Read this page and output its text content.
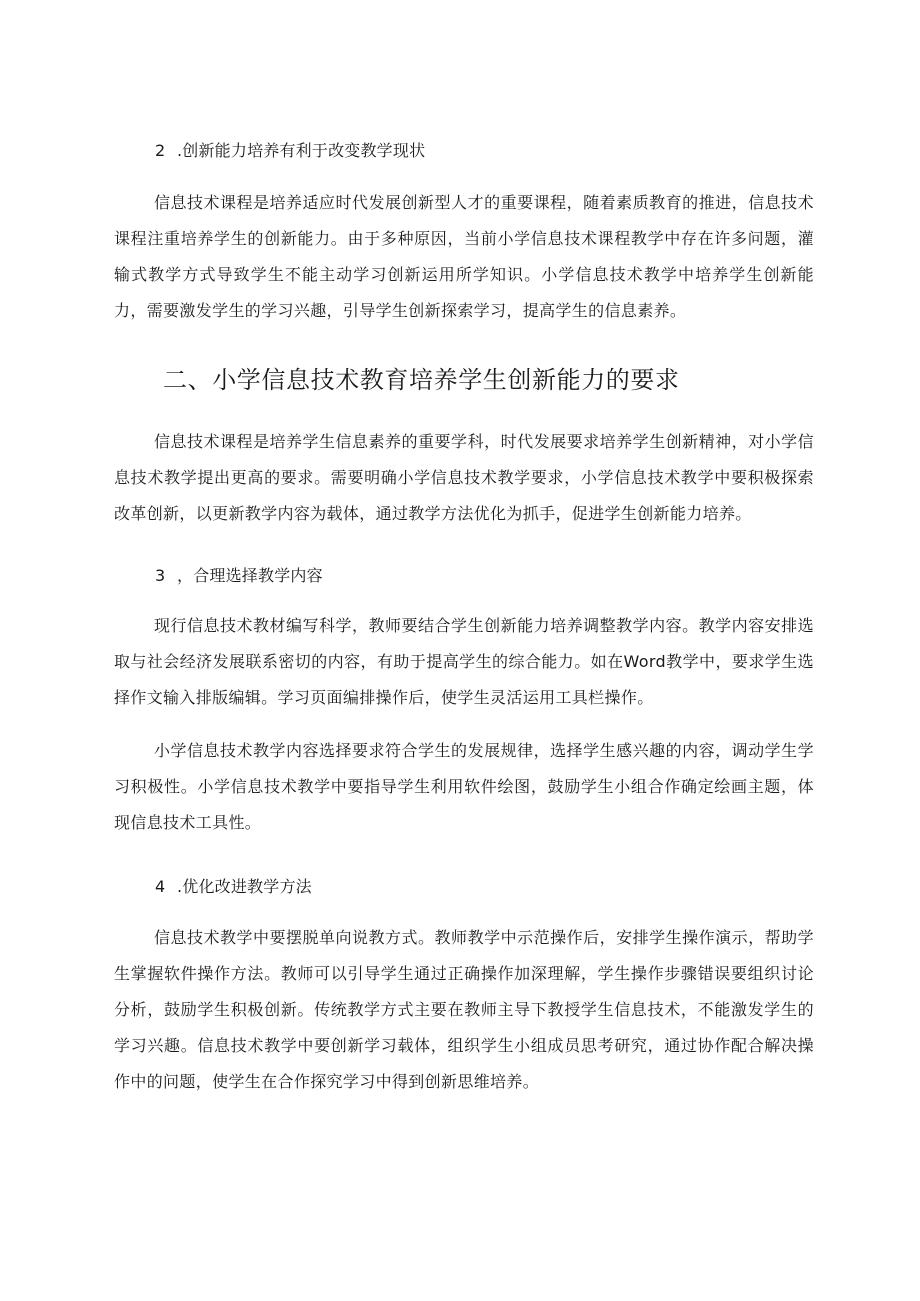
2 .创新能力培养有利于改变教学现状

信息技术课程是培养适应时代发展创新型人才的重要课程，随着素质教育的推进，信息技术课程注重培养学生的创新能力。由于多种原因，当前小学信息技术课程教学中存在许多问题，灌输式教学方式导致学生不能主动学习创新运用所学知识。小学信息技术教学中培养学生创新能力，需要激发学生的学习兴趣，引导学生创新探索学习，提高学生的信息素养。

二、小学信息技术教育培养学生创新能力的要求

信息技术课程是培养学生信息素养的重要学科，时代发展要求培养学生创新精神，对小学信息技术教学提出更高的要求。需要明确小学信息技术教学要求，小学信息技术教学中要积极探索改革创新，以更新教学内容为载体，通过教学方法优化为抓手，促进学生创新能力培养。

3 ，合理选择教学内容

现行信息技术教材编写科学，教师要结合学生创新能力培养调整教学内容。教学内容安排选取与社会经济发展联系密切的内容，有助于提高学生的综合能力。如在Word教学中，要求学生选择作文输入排版编辑。学习页面编排操作后，使学生灵活运用工具栏操作。

小学信息技术教学内容选择要求符合学生的发展规律，选择学生感兴趣的内容，调动学生学习积极性。小学信息技术教学中要指导学生利用软件绘图，鼓励学生小组合作确定绘画主题，体现信息技术工具性。

4 .优化改进教学方法

信息技术教学中要摆脱单向说教方式。教师教学中示范操作后，安排学生操作演示，帮助学生掌握软件操作方法。教师可以引导学生通过正确操作加深理解，学生操作步骤错误要组织讨论分析，鼓励学生积极创新。传统教学方式主要在教师主导下教授学生信息技术，不能激发学生的学习兴趣。信息技术教学中要创新学习载体，组织学生小组成员思考研究，通过协作配合解决操作中的问题，使学生在合作探究学习中得到创新思维培养。
